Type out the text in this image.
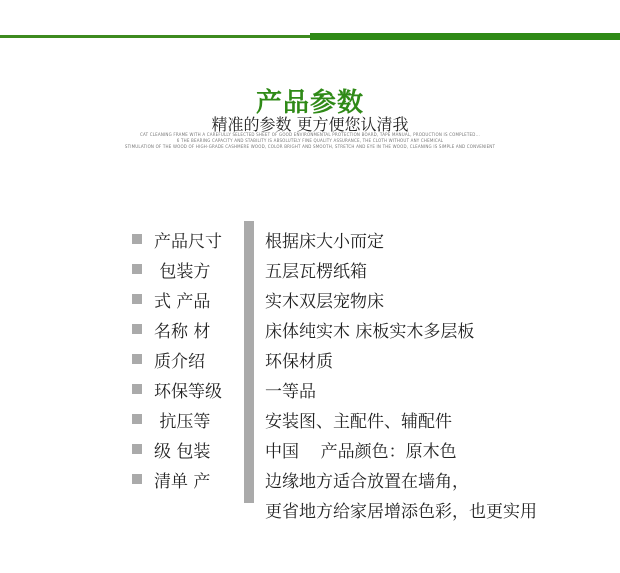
产品参数
精准的参数 更方便您认清我
CAT CLEANING FRAME WITH A CAREFULLY SELECTED SHEET OF GOOD ENVIRONMENTAL PROTECTION BOARD, TAPE MANUAL, PRODUCTION IS COMPLETED...
6 THE BEARING CAPACITY AND STABILITY IS ABSOLUTELY FINE QUALITY ASSURANCE, THE CLOTH WITHOUT ANY CHEMICAL
STIMULATION OF THE WOOD OF HIGH-GRADE CASHMERE WOOD, COLOR BRIGHT AND SMOOTH, STRETCH AND EYE IN THE WOOD, CLEANING IS SIMPLE AND CONVENIENT
产品尺寸
包装方
式 产品
名称 材
质介绍
环保等级
抗压等
级 包装
清单 产
根据床大小而定
五层瓦楞纸箱
实木双层宠物床
床体纯实木 床板实木多层板
环保材质
一等品
安装图、主配件、辅配件
中国    产品颜色：原木色
边缘地方适合放置在墙角，
更省地方给家居增添色彩，也更实用
